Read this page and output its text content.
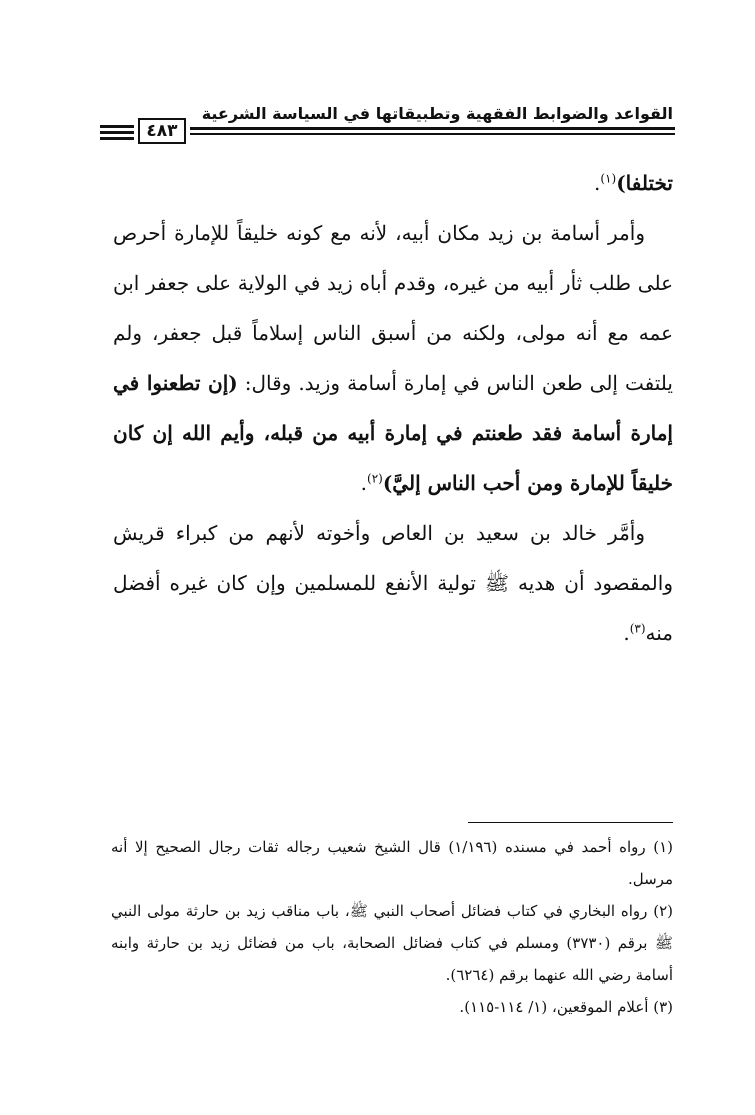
القواعد والضوابط الفقهية وتطبيقاتها في السياسة الشرعية
٤٨٣

تختلفا)$^{(١)}$.

وأمر أسامة بن زيد مكان أبيه، لأنه مع كونه خليقاً للإمارة أحرص على طلب ثأر أبيه من غيره، وقدم أباه زيد في الولاية على جعفر ابن عمه مع أنه مولى، ولكنه من أسبق الناس إسلاماً قبل جعفر، ولم يلتفت إلى طعن الناس في إمارة أسامة وزيد. وقال: (إن تطعنوا في إمارة أسامة فقد طعنتم في إمارة أبيه من قبله، وأيم الله إن كان خليقاً للإمارة ومن أحب الناس إليَّ)$^{(٢)}$.

وأمَّر خالد بن سعيد بن العاص وأخوته لأنهم من كبراء قريش والمقصود أن هديه ﷺ تولية الأنفع للمسلمين وإن كان غيره أفضل منه$^{(٣)}$.

(١) رواه أحمد في مسنده (١/١٩٦) قال الشيخ شعيب رجاله ثقات رجال الصحيح إلا أنه مرسل.

(٢) رواه البخاري في كتاب فضائل أصحاب النبي ﷺ، باب مناقب زيد بن حارثة مولى النبي ﷺ برقم (٣٧٣٠) ومسلم في كتاب فضائل الصحابة، باب من فضائل زيد بن حارثة وابنه أسامة رضي الله عنهما برقم (٦٢٦٤).

(٣) أعلام الموقعين، (١/ ١١٤-١١٥).
